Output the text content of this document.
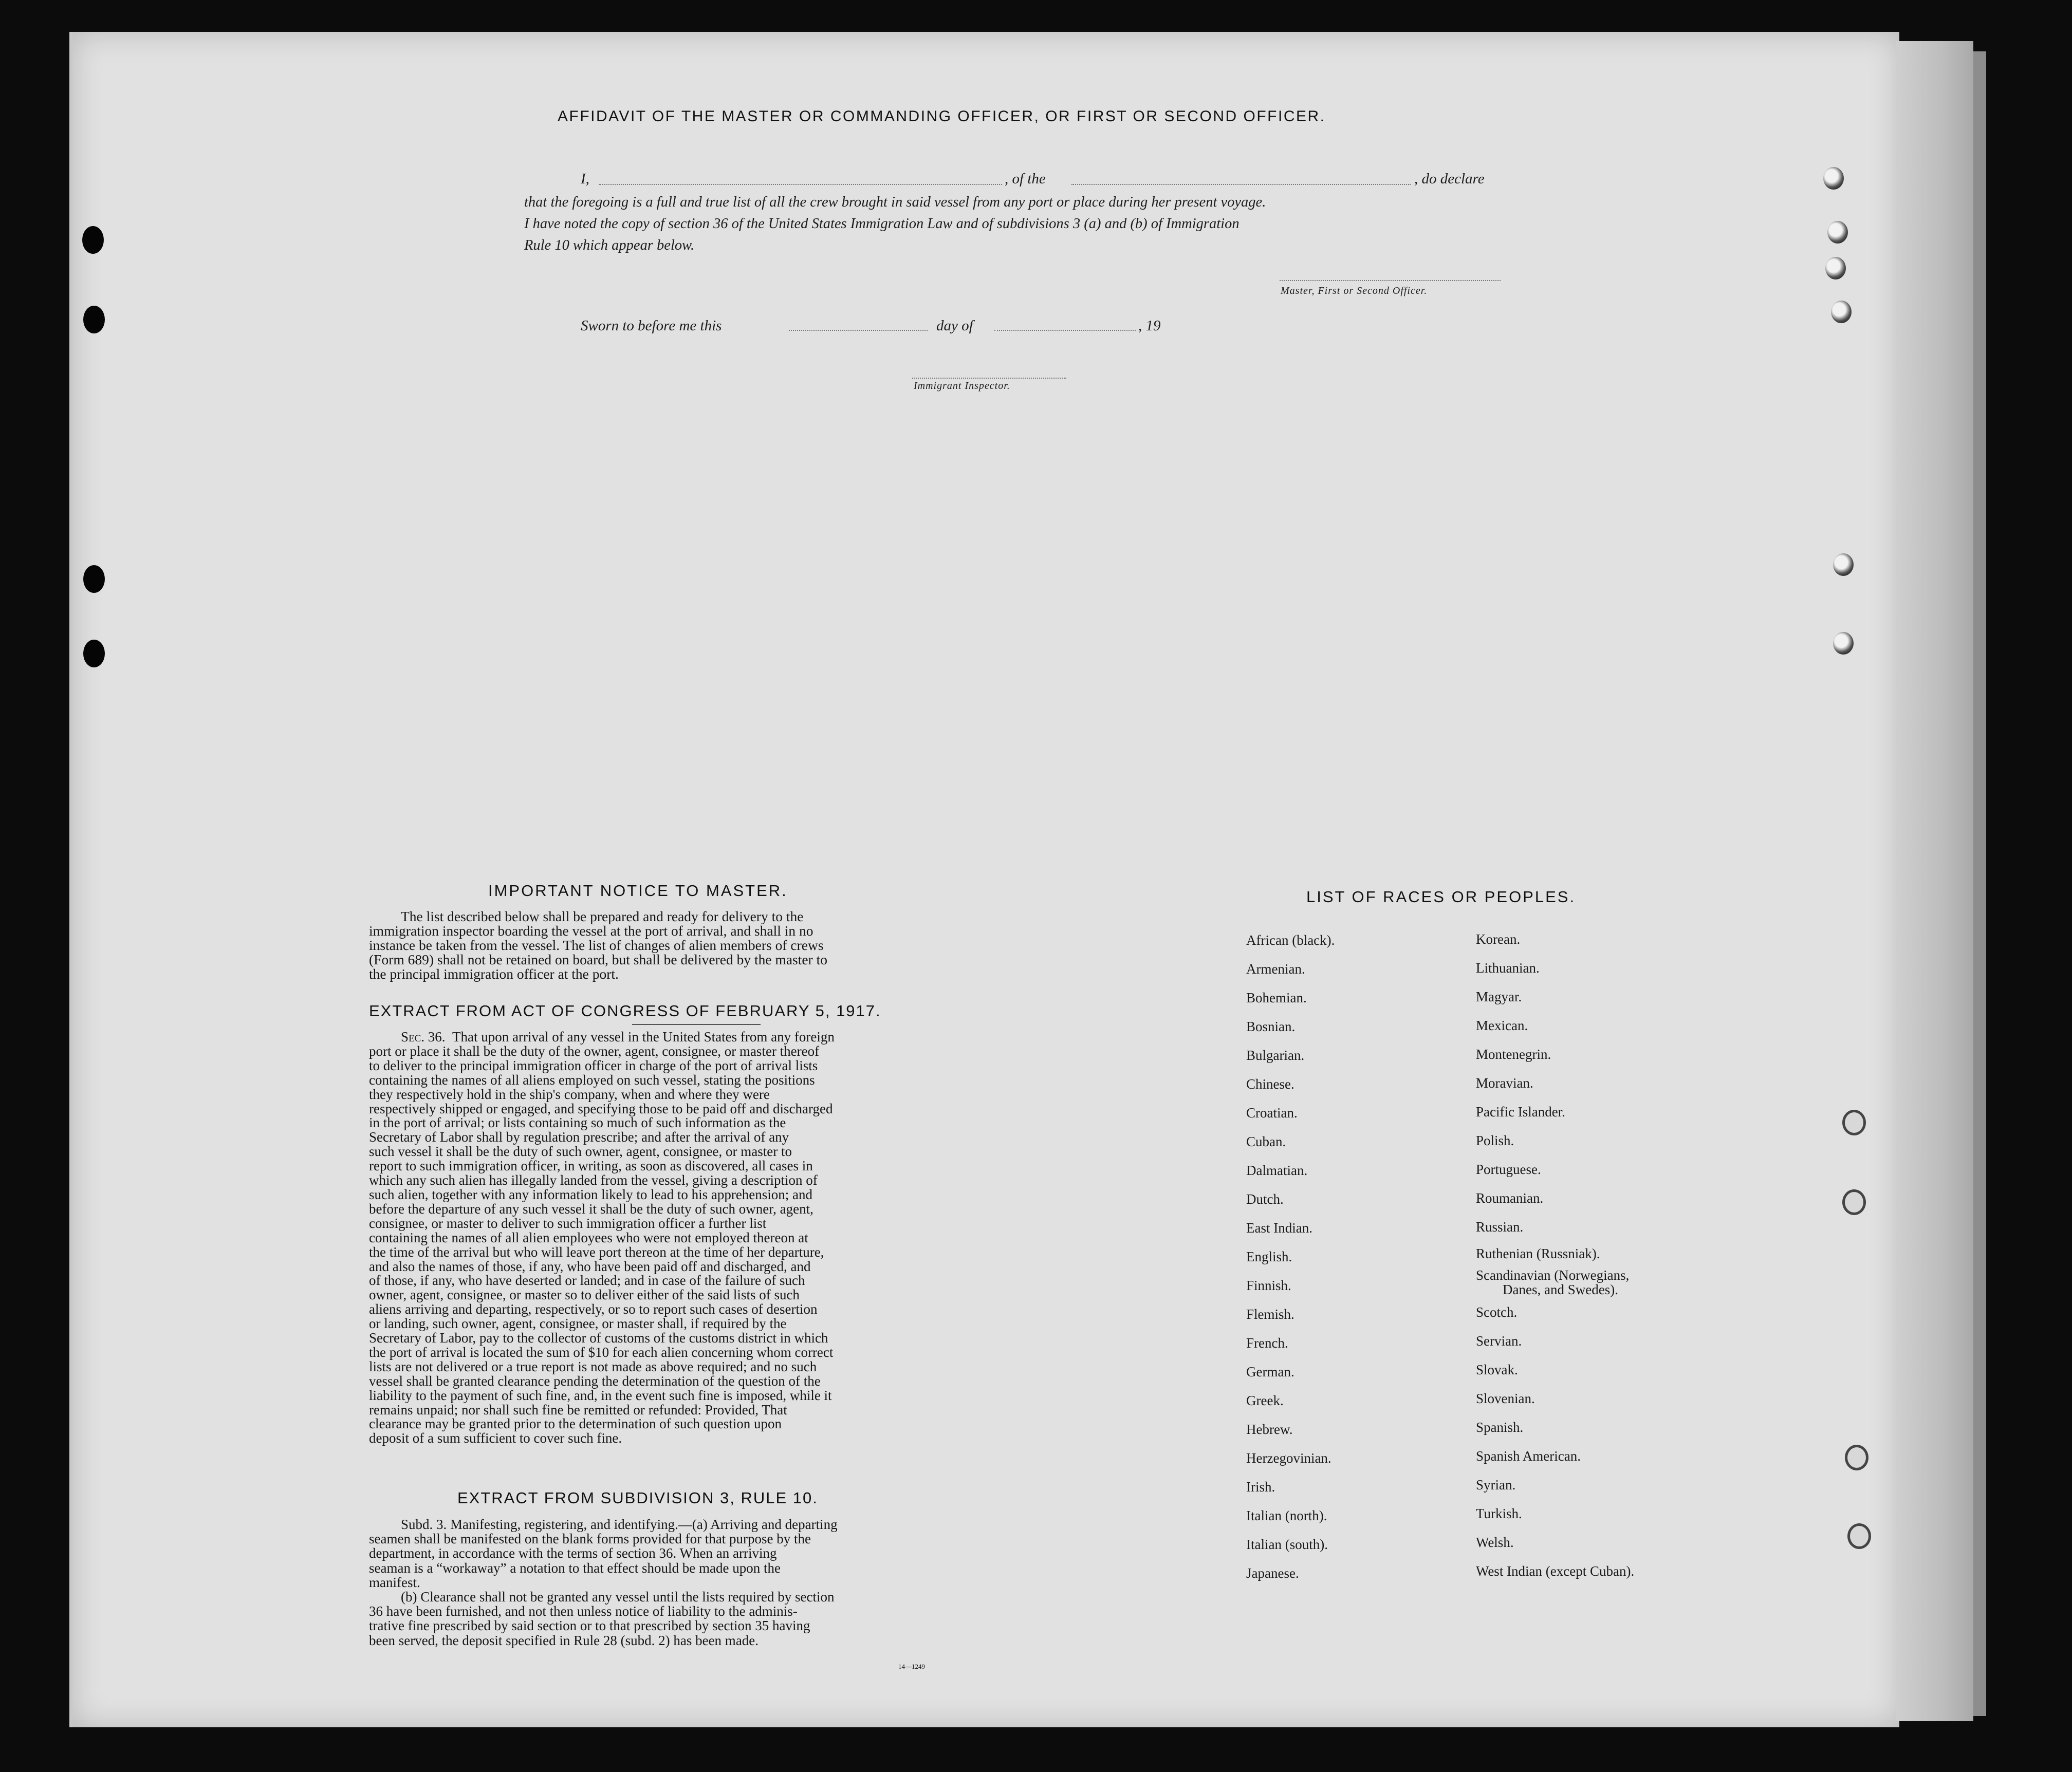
AFFIDAVIT OF THE MASTER OR COMMANDING OFFICER, OR FIRST OR SECOND OFFICER.
I,	, of the	, do declare
that the foregoing is a full and true list of all the crew brought in said vessel from any port or place during her present voyage.
I have noted the copy of section 36 of the United States Immigration Law and of subdivisions 3 (a) and (b) of Immigration
Rule 10 which appear below.
Master, First or Second Officer.
Sworn to before me this	day of	, 19
Immigrant Inspector.
IMPORTANT NOTICE TO MASTER.
The list described below shall be prepared and ready for delivery to the
immigration inspector boarding the vessel at the port of arrival, and shall in no
instance be taken from the vessel. The list of changes of alien members of crews
(Form 689) shall not be retained on board, but shall be delivered by the master to
the principal immigration officer at the port.
EXTRACT FROM ACT OF CONGRESS OF FEBRUARY 5, 1917.
Sec. 36. That upon arrival of any vessel in the United States from any foreign
port or place it shall be the duty of the owner, agent, consignee, or master thereof
to deliver to the principal immigration officer in charge of the port of arrival lists
containing the names of all aliens employed on such vessel, stating the positions
they respectively hold in the ship's company, when and where they were
respectively shipped or engaged, and specifying those to be paid off and discharged
in the port of arrival; or lists containing so much of such information as the
Secretary of Labor shall by regulation prescribe; and after the arrival of any
such vessel it shall be the duty of such owner, agent, consignee, or master to
report to such immigration officer, in writing, as soon as discovered, all cases in
which any such alien has illegally landed from the vessel, giving a description of
such alien, together with any information likely to lead to his apprehension; and
before the departure of any such vessel it shall be the duty of such owner, agent,
consignee, or master to deliver to such immigration officer a further list
containing the names of all alien employees who were not employed thereon at
the time of the arrival but who will leave port thereon at the time of her departure,
and also the names of those, if any, who have been paid off and discharged, and
of those, if any, who have deserted or landed; and in case of the failure of such
owner, agent, consignee, or master so to deliver either of the said lists of such
aliens arriving and departing, respectively, or so to report such cases of desertion
or landing, such owner, agent, consignee, or master shall, if required by the
Secretary of Labor, pay to the collector of customs of the customs district in which
the port of arrival is located the sum of $10 for each alien concerning whom correct
lists are not delivered or a true report is not made as above required; and no such
vessel shall be granted clearance pending the determination of the question of the
liability to the payment of such fine, and, in the event such fine is imposed, while it
remains unpaid; nor shall such fine be remitted or refunded: Provided, That
clearance may be granted prior to the determination of such question upon
deposit of a sum sufficient to cover such fine.
EXTRACT FROM SUBDIVISION 3, RULE 10.
Subd. 3. Manifesting, registering, and identifying.—(a) Arriving and departing
seamen shall be manifested on the blank forms provided for that purpose by the
department, in accordance with the terms of section 36. When an arriving
seaman is a “workaway” a notation to that effect should be made upon the
manifest.
(b) Clearance shall not be granted any vessel until the lists required by section
36 have been furnished, and not then unless notice of liability to the adminis-
trative fine prescribed by said section or to that prescribed by section 35 having
been served, the deposit specified in Rule 28 (subd. 2) has been made.
14—1249
LIST OF RACES OR PEOPLES.
African (black).
Armenian.
Bohemian.
Bosnian.
Bulgarian.
Chinese.
Croatian.
Cuban.
Dalmatian.
Dutch.
East Indian.
English.
Finnish.
Flemish.
French.
German.
Greek.
Hebrew.
Herzegovinian.
Irish.
Italian (north).
Italian (south).
Japanese.
Korean.
Lithuanian.
Magyar.
Mexican.
Montenegrin.
Moravian.
Pacific Islander.
Polish.
Portuguese.
Roumanian.
Russian.
Ruthenian (Russniak).
Scandinavian (Norwegians,
Danes, and Swedes).
Scotch.
Servian.
Slovak.
Slovenian.
Spanish.
Spanish American.
Syrian.
Turkish.
Welsh.
West Indian (except Cuban).
